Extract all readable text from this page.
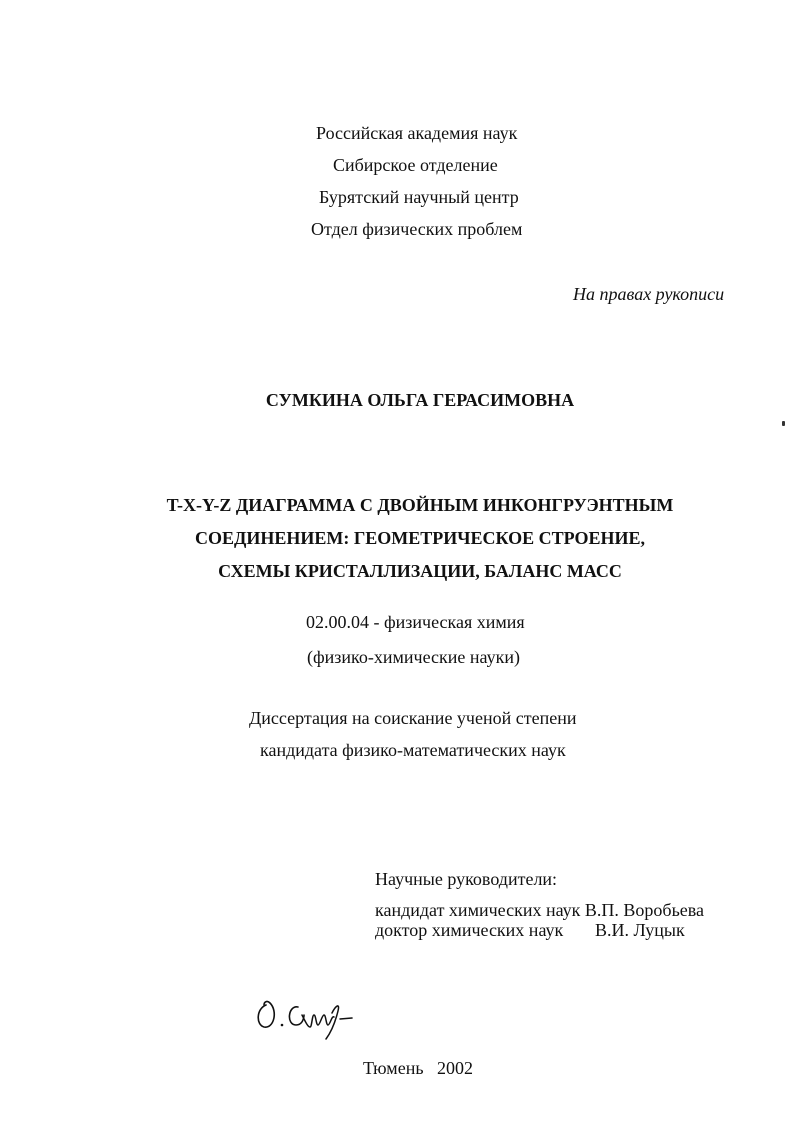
Российская академия наук
Сибирское отделение
Бурятский научный центр
Отдел физических проблем
На правах рукописи
СУМКИНА ОЛЬГА ГЕРАСИМОВНА
T-X-Y-Z ДИАГРАММА С ДВОЙНЫМ ИНКОНГРУЭНТНЫМ
СОЕДИНЕНИЕМ: ГЕОМЕТРИЧЕСКОЕ СТРОЕНИЕ,
СХЕМЫ КРИСТАЛЛИЗАЦИИ, БАЛАНС МАСС
02.00.04 - физическая химия
(физико-химические науки)
Диссертация на соискание ученой степени
кандидата физико-математических наук
Научные руководители:
кандидат химических наук В.П. Воробьева
доктор химических наук В.И. Луцык
Тюмень 2002
